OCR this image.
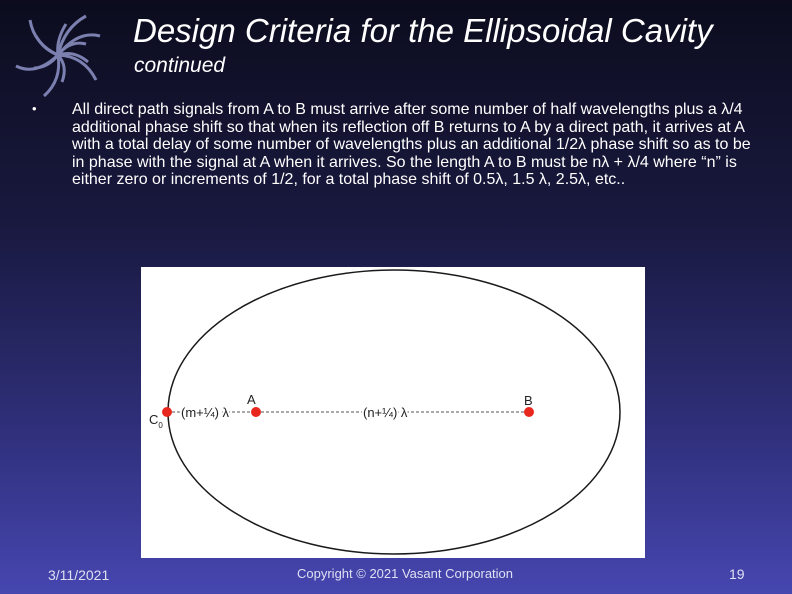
Design Criteria for the Ellipsoidal Cavity
continued
• All direct path signals from A to B must arrive after some number of half wavelengths plus a λ/4 additional phase shift so that when its reflection off B returns to A by a direct path, it arrives at A with a total delay of some number of wavelengths plus an additional 1/2λ phase shift so as to be in phase with the signal at A when it arrives. So the length A to B must be nλ + λ/4 where “n” is either zero or increments of 1/2, for a total phase shift of 0.5λ, 1.5 λ, 2.5λ, etc..
$C_0$
(m+¼) λ
A
(n+¼) λ
B
3/11/2021	Copyright © 2021 Vasant Corporation	19
